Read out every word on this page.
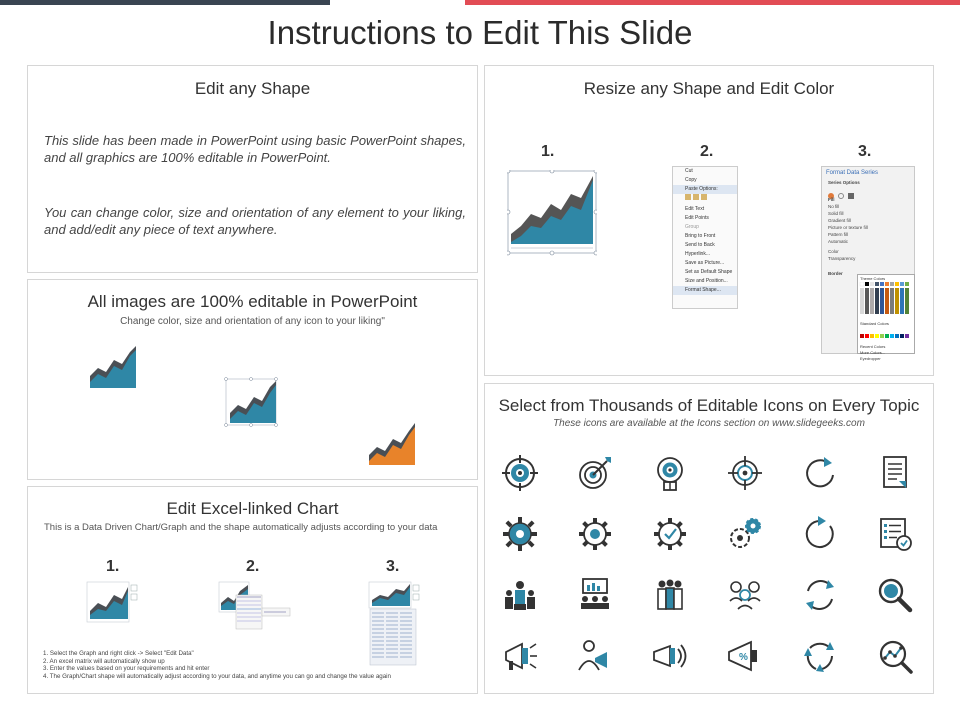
Instructions to Edit This Slide
Edit any Shape
This slide has been made in PowerPoint using basic PowerPoint shapes, and all graphics are 100% editable in PowerPoint.
You can change color, size and orientation of any element to your liking, and add/edit any piece of text anywhere.
Resize any Shape and Edit Color
1.	2.	3.
Cut
Copy
Paste Options:
Edit Text
Edit Points
Group
Bring to Front
Send to Back
Hyperlink...
Save as Picture...
Set as Default Shape
Size and Position...
Format Shape...
Format Data Series
Series Options
Fill
No fill
Solid fill
Gradient fill
Picture or texture fill
Pattern fill
Automatic
Color
Transparency
Border
Theme Colors
Standard Colors
Recent Colors
More Colors...
Eyedropper
All images are 100% editable in PowerPoint
Change color, size and orientation of any icon to your liking"
Edit Excel-linked Chart
This is a Data Driven Chart/Graph and the shape automatically adjusts according to your data
1.	2.	3.
1. Select the Graph and right click -> Select "Edit Data"
2. An excel matrix will automatically show up
3. Enter the values based on your requirements and hit enter
4. The Graph/Chart shape will automatically adjust according to your data, and anytime you can go and change the value again
Select from Thousands of Editable Icons on Every Topic
These icons are available at the Icons section on www.slidegeeks.com
%
